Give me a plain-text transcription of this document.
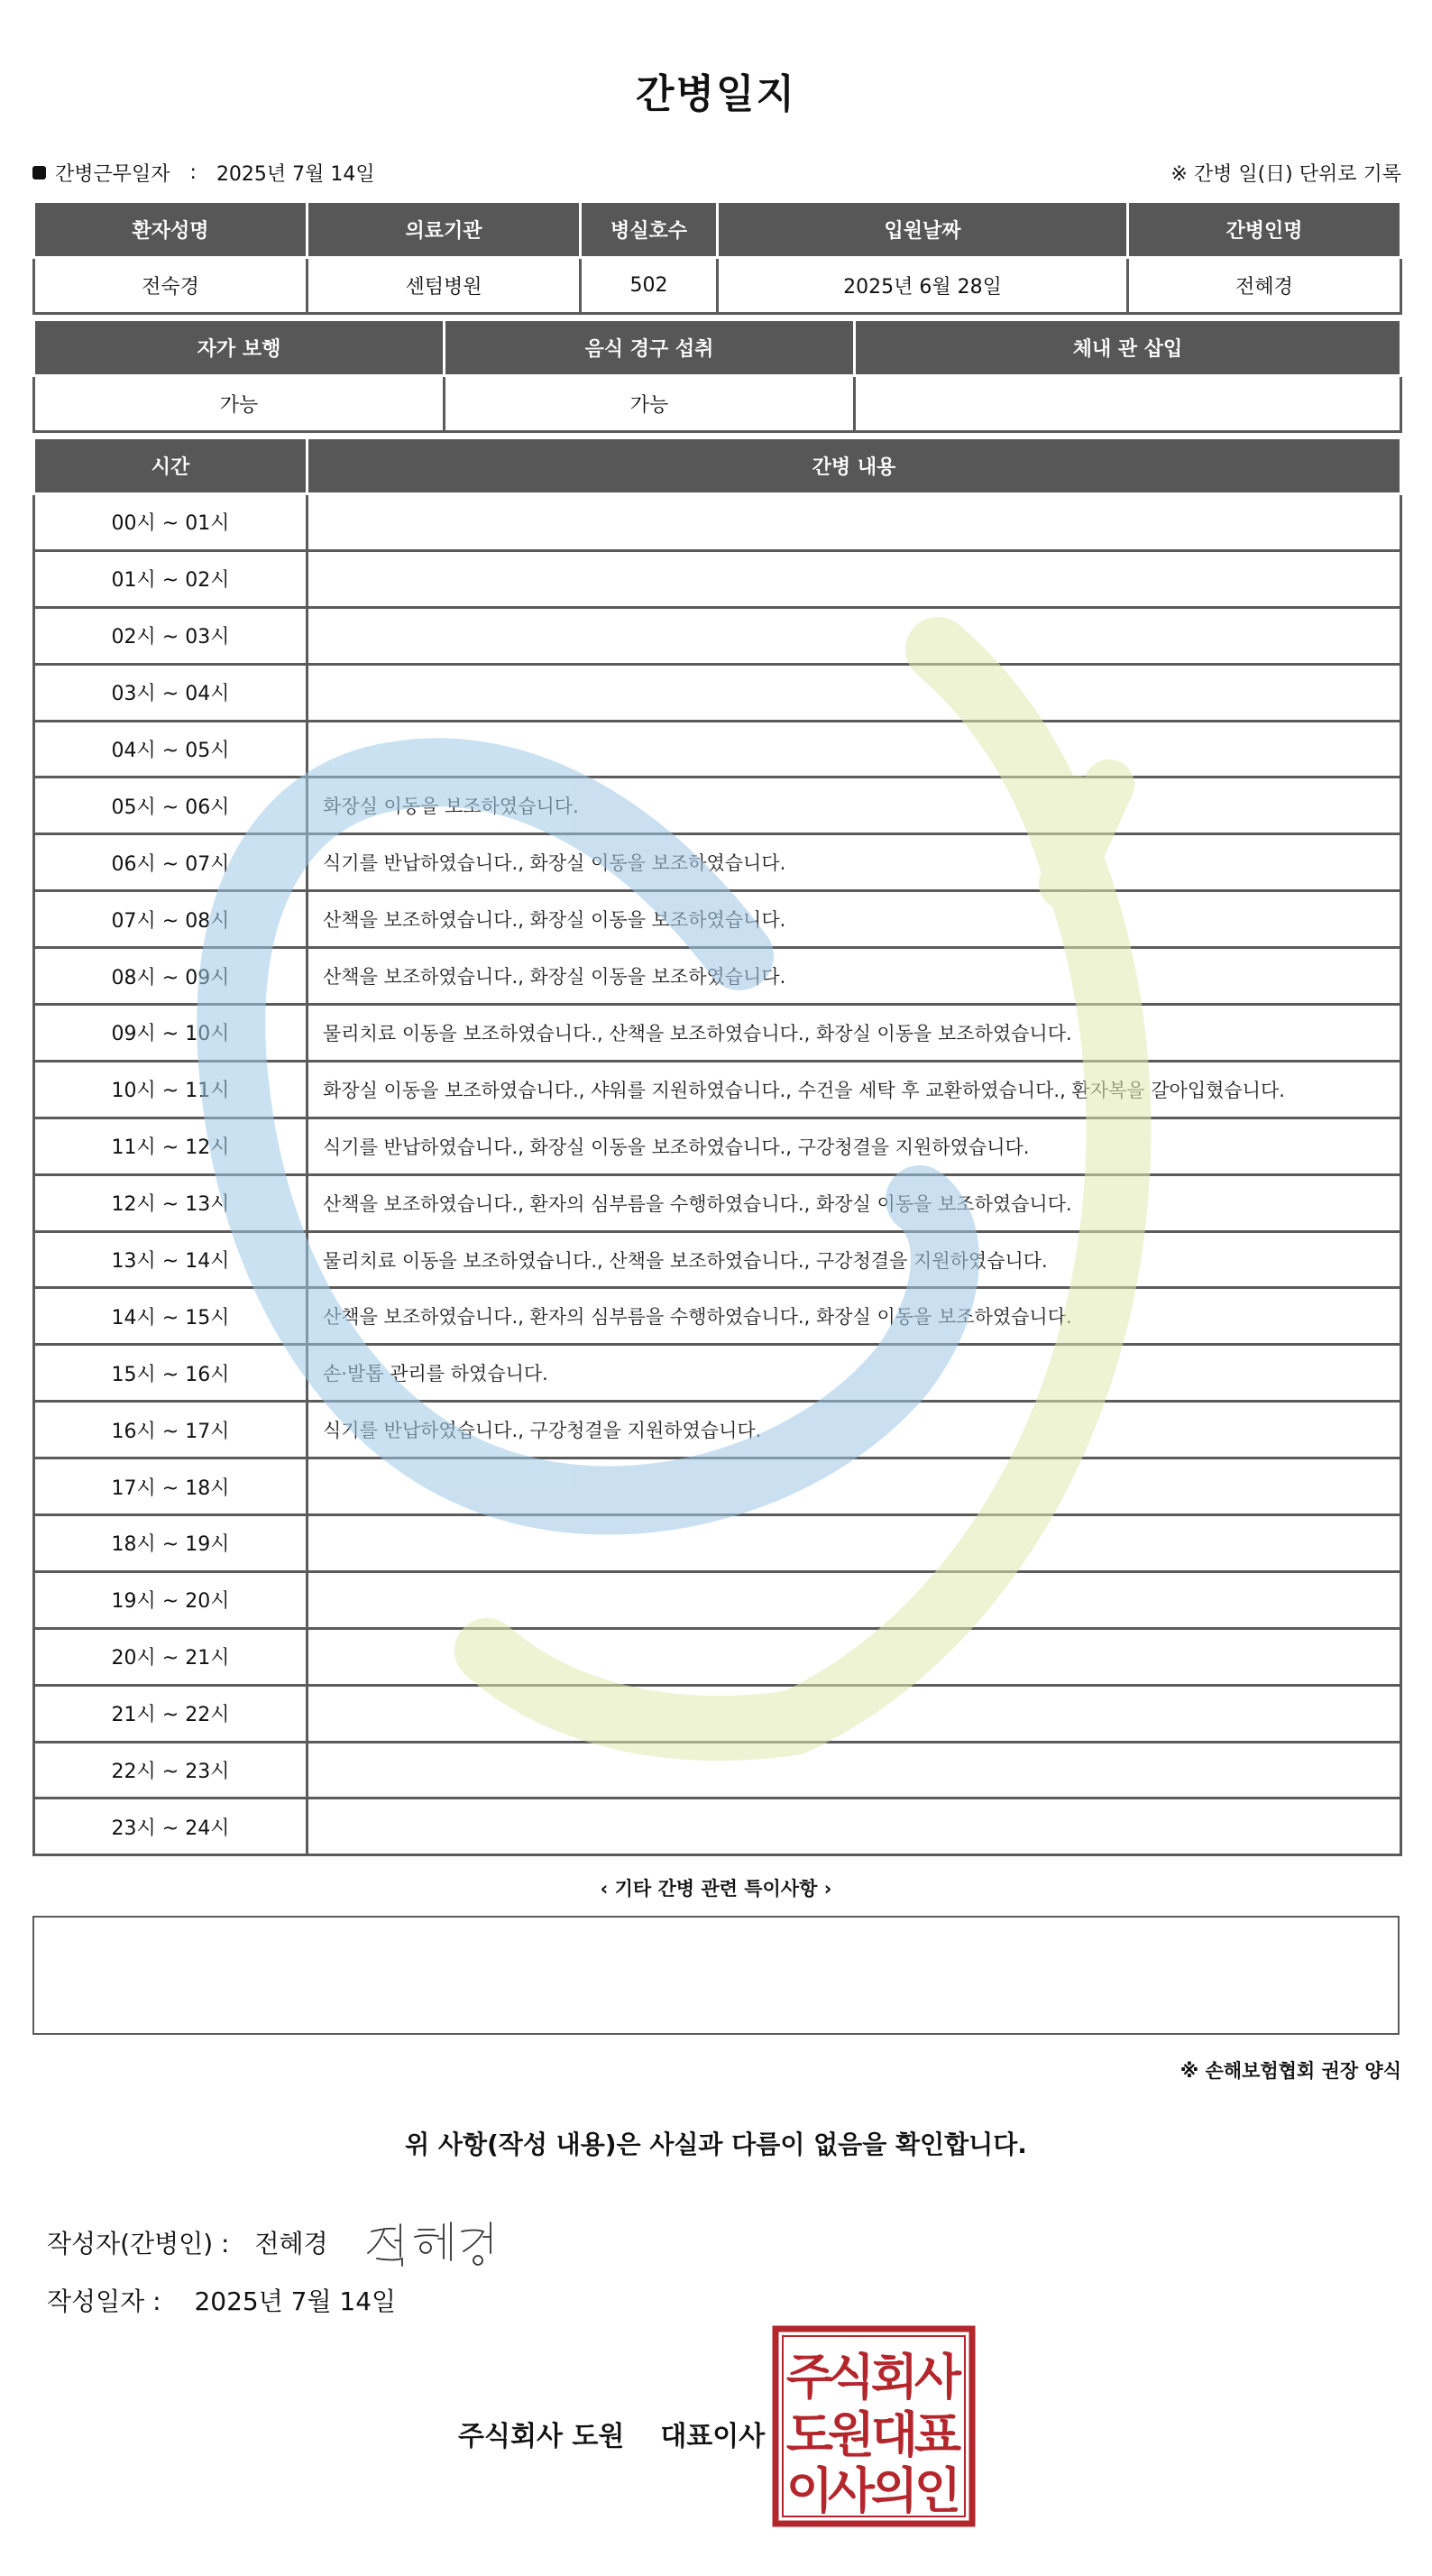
간병일지
간병근무일자 : 2025년 7월 14일	※ 간병 일(日) 단위로 기록
환자성명	의료기관	병실호수	입원날짜	간병인명
전숙경	센텀병원	502	2025년 6월 28일	전혜경
자가 보행	음식 경구 섭취	체내 관 삽입
가능	가능	
시간	간병 내용
00시 ~ 01시	
01시 ~ 02시	
02시 ~ 03시	
03시 ~ 04시	
04시 ~ 05시	
05시 ~ 06시	화장실 이동을 보조하였습니다.
06시 ~ 07시	식기를 반납하였습니다., 화장실 이동을 보조하였습니다.
07시 ~ 08시	산책을 보조하였습니다., 화장실 이동을 보조하였습니다.
08시 ~ 09시	산책을 보조하였습니다., 화장실 이동을 보조하였습니다.
09시 ~ 10시	물리치료 이동을 보조하였습니다., 산책을 보조하였습니다., 화장실 이동을 보조하였습니다.
10시 ~ 11시	화장실 이동을 보조하였습니다., 샤워를 지원하였습니다., 수건을 세탁 후 교환하였습니다., 환자복을 갈아입혔습니다.
11시 ~ 12시	식기를 반납하였습니다., 화장실 이동을 보조하였습니다., 구강청결을 지원하였습니다.
12시 ~ 13시	산책을 보조하였습니다., 환자의 심부름을 수행하였습니다., 화장실 이동을 보조하였습니다.
13시 ~ 14시	물리치료 이동을 보조하였습니다., 산책을 보조하였습니다., 구강청결을 지원하였습니다.
14시 ~ 15시	산책을 보조하였습니다., 환자의 심부름을 수행하였습니다., 화장실 이동을 보조하였습니다.
15시 ~ 16시	손·발톱 관리를 하였습니다.
16시 ~ 17시	식기를 반납하였습니다., 구강청결을 지원하였습니다.
17시 ~ 18시	
18시 ~ 19시	
19시 ~ 20시	
20시 ~ 21시	
21시 ~ 22시	
22시 ~ 23시	
23시 ~ 24시	
‹ 기타 간병 관련 특이사항 ›
※ 손해보험협회 권장 양식
위 사항(작성 내용)은 사실과 다름이 없음을 확인합니다.
작성자(간병인) : 전혜경
작성일자 : 2025년 7월 14일
주식회사 도원 대표이사
주
식
회
사
도
원
대
표
이
사
의
인
